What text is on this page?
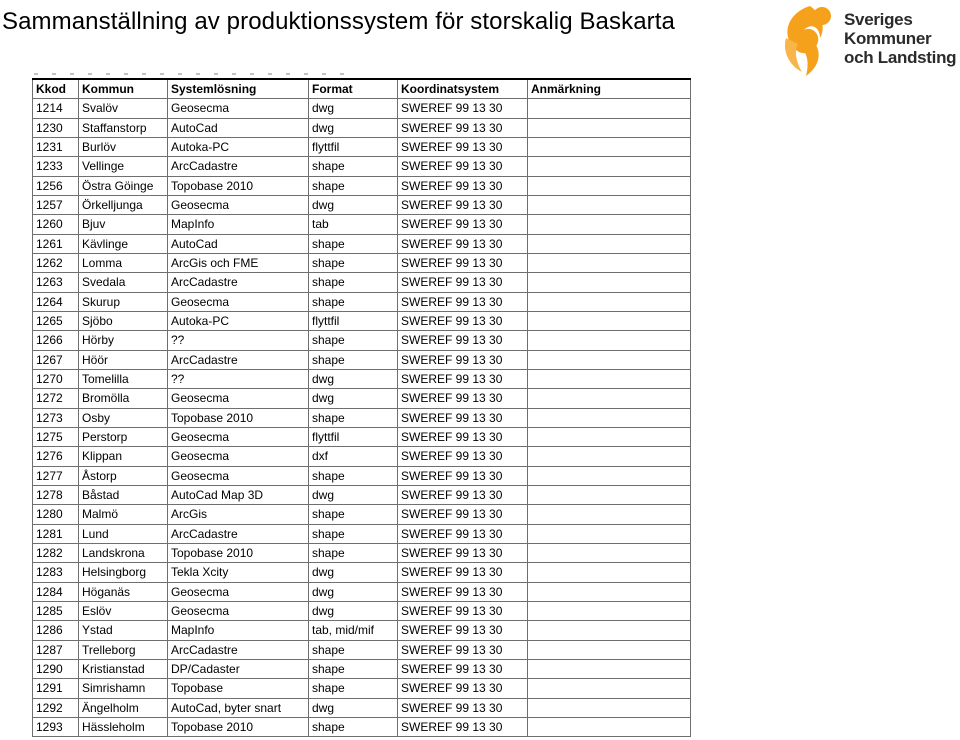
Sammanställning av produktionssystem för storskalig Baskarta	Sveriges
Kommuner
och Landsting
Kkod	Kommun	Systemlösning	Format	Koordinatsystem	Anmärkning
1214	Svalöv	Geosecma	dwg	SWEREF 99 13 30	
1230	Staffanstorp	AutoCad	dwg	SWEREF 99 13 30	
1231	Burlöv	Autoka-PC	flyttfil	SWEREF 99 13 30	
1233	Vellinge	ArcCadastre	shape	SWEREF 99 13 30	
1256	Östra Göinge	Topobase 2010	shape	SWEREF 99 13 30	
1257	Örkelljunga	Geosecma	dwg	SWEREF 99 13 30	
1260	Bjuv	MapInfo	tab	SWEREF 99 13 30	
1261	Kävlinge	AutoCad	shape	SWEREF 99 13 30	
1262	Lomma	ArcGis och FME	shape	SWEREF 99 13 30	
1263	Svedala	ArcCadastre	shape	SWEREF 99 13 30	
1264	Skurup	Geosecma	shape	SWEREF 99 13 30	
1265	Sjöbo	Autoka-PC	flyttfil	SWEREF 99 13 30	
1266	Hörby	??	shape	SWEREF 99 13 30	
1267	Höör	ArcCadastre	shape	SWEREF 99 13 30	
1270	Tomelilla	??	dwg	SWEREF 99 13 30	
1272	Bromölla	Geosecma	dwg	SWEREF 99 13 30	
1273	Osby	Topobase 2010	shape	SWEREF 99 13 30	
1275	Perstorp	Geosecma	flyttfil	SWEREF 99 13 30	
1276	Klippan	Geosecma	dxf	SWEREF 99 13 30	
1277	Åstorp	Geosecma	shape	SWEREF 99 13 30	
1278	Båstad	AutoCad Map 3D	dwg	SWEREF 99 13 30	
1280	Malmö	ArcGis	shape	SWEREF 99 13 30	
1281	Lund	ArcCadastre	shape	SWEREF 99 13 30	
1282	Landskrona	Topobase 2010	shape	SWEREF 99 13 30	
1283	Helsingborg	Tekla Xcity	dwg	SWEREF 99 13 30	
1284	Höganäs	Geosecma	dwg	SWEREF 99 13 30	
1285	Eslöv	Geosecma	dwg	SWEREF 99 13 30	
1286	Ystad	MapInfo	tab, mid/mif	SWEREF 99 13 30	
1287	Trelleborg	ArcCadastre	shape	SWEREF 99 13 30	
1290	Kristianstad	DP/Cadaster	shape	SWEREF 99 13 30	
1291	Simrishamn	Topobase	shape	SWEREF 99 13 30	
1292	Ängelholm	AutoCad, byter snart	dwg	SWEREF 99 13 30	
1293	Hässleholm	Topobase 2010	shape	SWEREF 99 13 30	
